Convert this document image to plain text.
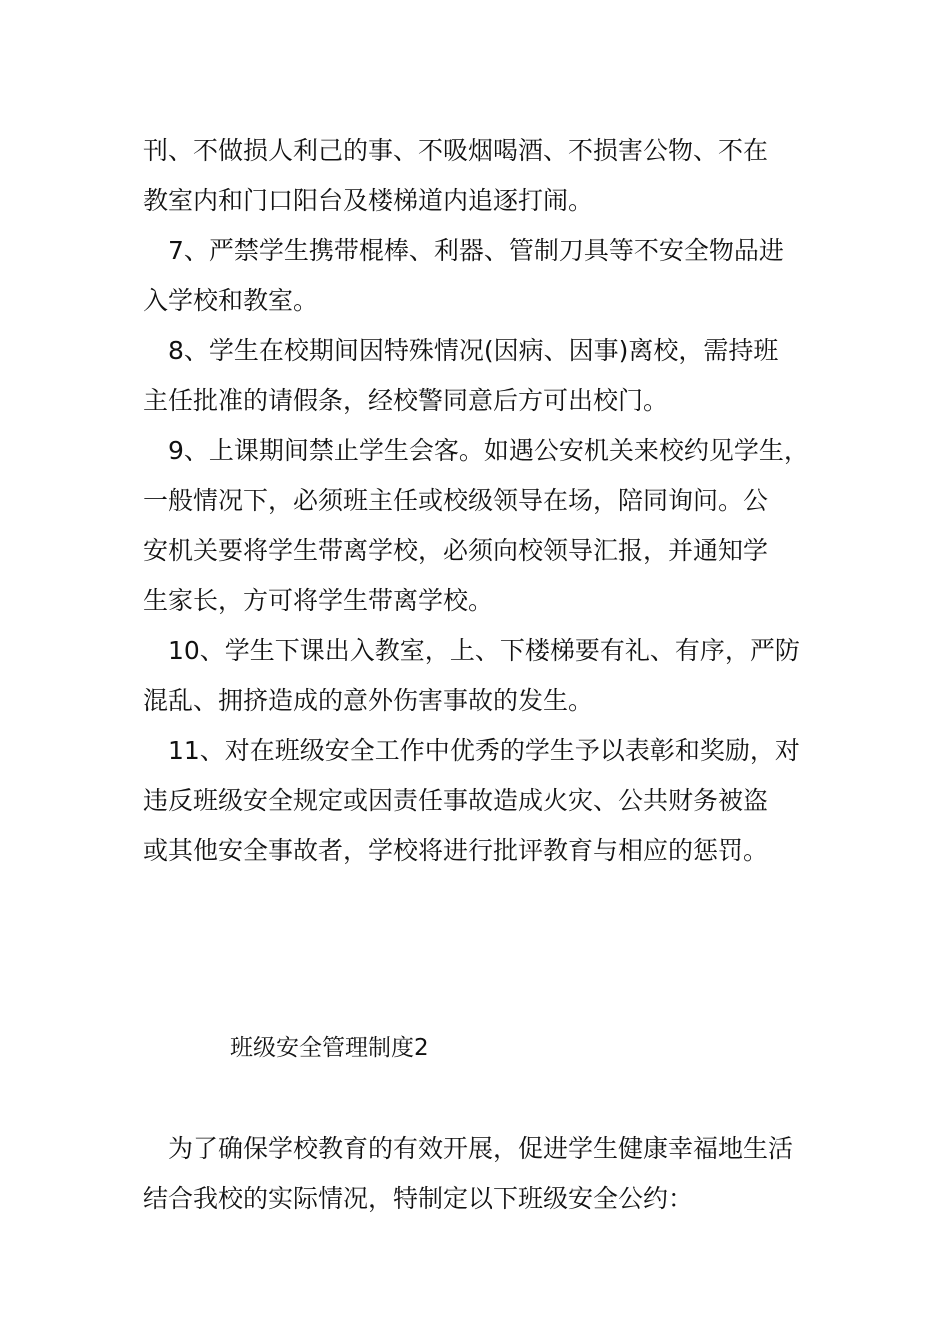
刊、不做损人利己的事、不吸烟喝酒、不损害公物、不在
教室内和门口阳台及楼梯道内追逐打闹。
　7、严禁学生携带棍棒、利器、管制刀具等不安全物品进
入学校和教室。
　8、学生在校期间因特殊情况(因病、因事)离校，需持班
主任批准的请假条，经校警同意后方可出校门。
　9、上课期间禁止学生会客。如遇公安机关来校约见学生，
一般情况下，必须班主任或校级领导在场，陪同询问。公
安机关要将学生带离学校，必须向校领导汇报，并通知学
生家长，方可将学生带离学校。
　10、学生下课出入教室，上、下楼梯要有礼、有序，严防
混乱、拥挤造成的意外伤害事故的发生。
　11、对在班级安全工作中优秀的学生予以表彰和奖励，对
违反班级安全规定或因责任事故造成火灾、公共财务被盗
或其他安全事故者，学校将进行批评教育与相应的惩罚。
班级安全管理制度2
　为了确保学校教育的有效开展，促进学生健康幸福地生活
结合我校的实际情况，特制定以下班级安全公约：
